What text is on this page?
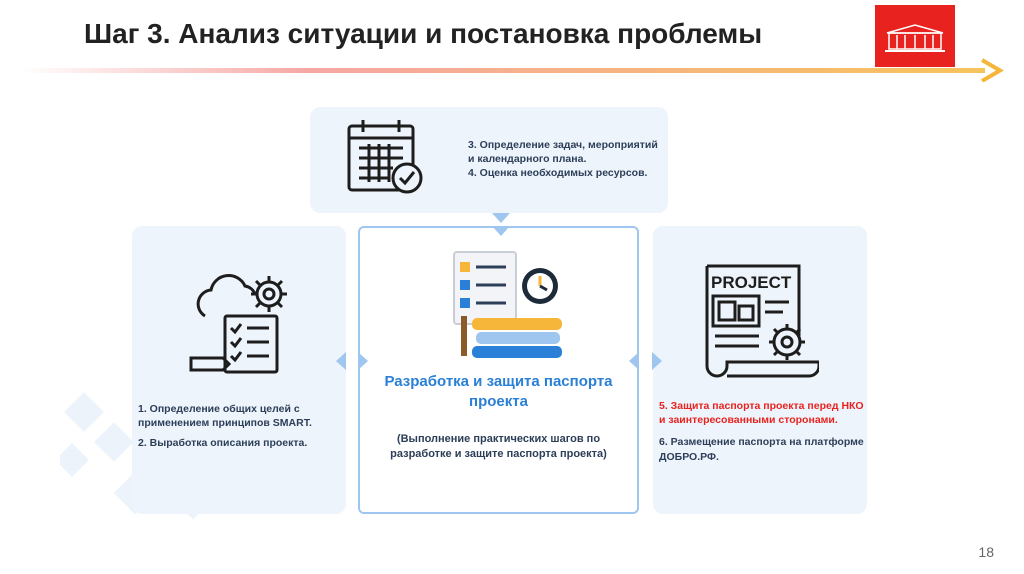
Шаг 3. Анализ ситуации и постановка проблемы
3. Определение задач, мероприятий и календарного плана.
4. Оценка необходимых ресурсов.
1. Определение общих целей с применением принципов SMART.
2. Выработка описания проекта.
Разработка и защита паспорта проекта
(Выполнение практических шагов по разработке и защите паспорта проекта)
PROJECT
5. Защита паспорта проекта перед НКО и заинтересованными сторонами.
6. Размещение паспорта на платформе ДОБРО.РФ.
18
